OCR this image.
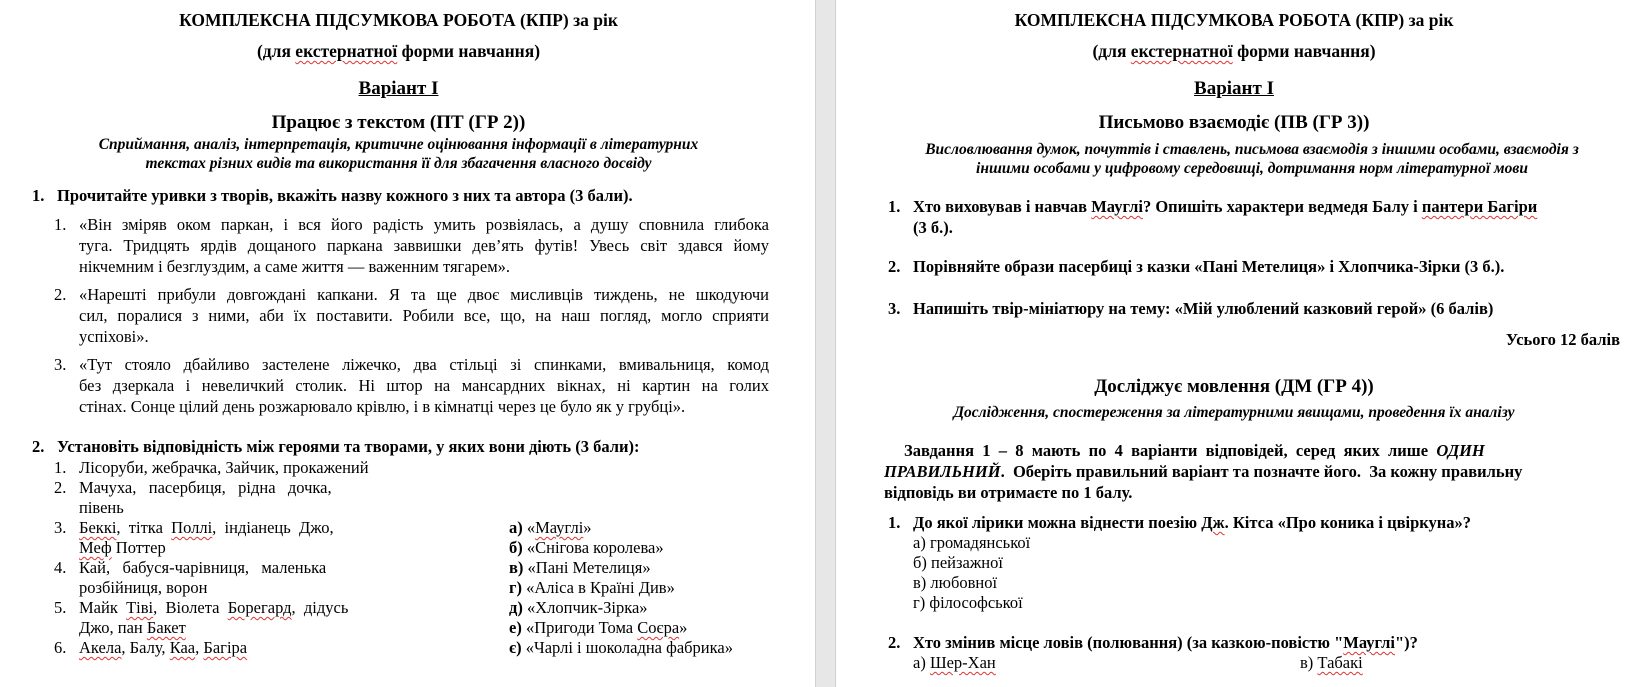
КОМПЛЕКСНА ПІДСУМКОВА РОБОТА (КПР) за рік
(для екстернатної форми навчання)
Варіант І
Працює з текстом (ПТ (ГР 2))
Сприймання, аналіз, інтерпретація, критичне оцінювання інформації в літературних
текстах різних видів та використання її для збагачення власного досвіду
1. Прочитайте уривки з творів, вкажіть назву кожного з них та автора (3 бали).
1. «Він зміряв оком паркан, і вся його радість умить розвіялась, а душу сповнила глибока
туга. Тридцять ярдів дощаного паркана заввишки дев’ять футів! Увесь світ здався йому
нікчемним і безглуздим, а саме життя — важенним тягарем».
2. «Нарешті прибули довгождані капкани. Я та ще двоє мисливців тиждень, не шкодуючи
сил, поралися з ними, аби їх поставити. Робили все, що, на наш погляд, могло сприяти
успіхові».
3. «Тут стояло дбайливо застелене ліжечко, два стільці зі спинками, вмивальниця, комод
без дзеркала і невеличкий столик. Ні штор на мансардних вікнах, ні картин на голих
стінах. Сонце цілий день розжарювало крівлю, і в кімнатці через це було як у грубці».
2. Установіть відповідність між героями та творами, у яких вони діють (3 бали):
1. Лісоруби, жебрачка, Зайчик, прокажений
2. Мачуха,   пасербиця,   рідна   дочка,
півень
3. Беккі,  тітка  Поллі,  індіанець  Джо,
Меф Поттер
4. Кай,   бабуся-чарівниця,   маленька
розбійниця, ворон
5. Майк  Тіві,  Віолета  Борегард,  дідусь
Джо, пан Бакет
6. Акела, Балу, Каа, Багіра
а) «Мауглі»
б) «Снігова королева»
в) «Пані Метелиця»
г) «Аліса в Країні Див»
д) «Хлопчик-Зірка»
е) «Пригоди Тома Соєра»
є) «Чарлі і шоколадна фабрика»
КОМПЛЕКСНА ПІДСУМКОВА РОБОТА (КПР) за рік
(для екстернатної форми навчання)
Варіант І
Письмово взаємодіє (ПВ (ГР 3))
Висловлювання думок, почуттів і ставлень, письмова взаємодія з іншими особами, взаємодія з
іншими особами у цифровому середовищі, дотримання норм літературної мови
1. Хто виховував і навчав Мауглі? Опишіть характери ведмедя Балу і пантери Багіри
(3 б.).
2. Порівняйте образи пасербиці з казки «Пані Метелиця» і Хлопчика-Зірки (3 б.).
3. Напишіть твір-мініатюру на тему: «Мій улюблений казковий герой» (6 балів)
Усього 12 балів
Досліджує мовлення (ДМ (ГР 4))
Дослідження, спостереження за літературними явищами, проведення їх аналізу
Завдання  1  –  8  мають  по  4  варіанти  відповідей,  серед  яких  лише  ОДИН
ПРАВИЛЬНИЙ.  Оберіть правильний варіант та позначте його.  За кожну правильну
відповідь ви отримаєте по 1 балу.
1. До якої лірики можна віднести поезію Дж. Кітса «Про коника і цвіркуна»?
а) громадянської
б) пейзажної
в) любовної
г) філософської
2. Хто змінив місце ловів (полювання) (за казкою-повістю "Мауглі")?
а) Шер-Хан	в) Табакі
